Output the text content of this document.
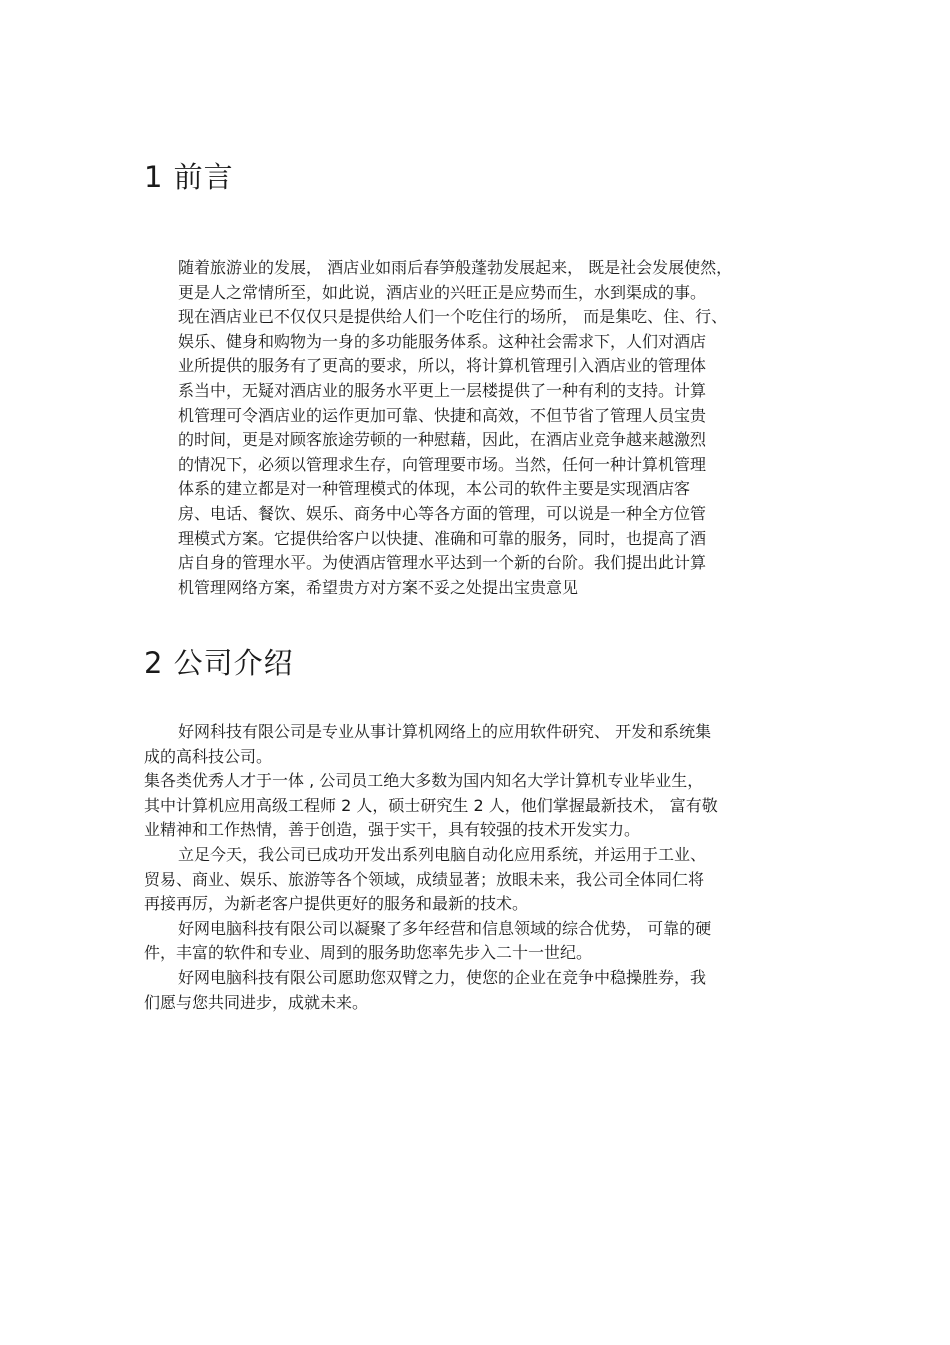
1 前言
随着旅游业的发展， 酒店业如雨后春笋般蓬勃发展起来， 既是社会发展使然，
更是人之常情所至，如此说，酒店业的兴旺正是应势而生，水到渠成的事。
现在酒店业已不仅仅只是提供给人们一个吃住行的场所， 而是集吃、住、行、
娱乐、健身和购物为一身的多功能服务体系。这种社会需求下，人们对酒店
业所提供的服务有了更高的要求，所以，将计算机管理引入酒店业的管理体
系当中，无疑对酒店业的服务水平更上一层楼提供了一种有利的支持。计算
机管理可令酒店业的运作更加可靠、快捷和高效，不但节省了管理人员宝贵
的时间，更是对顾客旅途劳顿的一种慰藉，因此，在酒店业竞争越来越激烈
的情况下，必须以管理求生存，向管理要市场。当然，任何一种计算机管理
体系的建立都是对一种管理模式的体现，本公司的软件主要是实现酒店客
房、电话、餐饮、娱乐、商务中心等各方面的管理，可以说是一种全方位管
理模式方案。它提供给客户以快捷、准确和可靠的服务，同时，也提高了酒
店自身的管理水平。为使酒店管理水平达到一个新的台阶。我们提出此计算
机管理网络方案，希望贵方对方案不妥之处提出宝贵意见
2 公司介绍
好网科技有限公司是专业从事计算机网络上的应用软件研究、 开发和系统集
成的高科技公司。
集各类优秀人才于一体 , 公司员工绝大多数为国内知名大学计算机专业毕业生，
其中计算机应用高级工程师 2 人，硕士研究生 2 人，他们掌握最新技术， 富有敬
业精神和工作热情，善于创造，强于实干，具有较强的技术开发实力。
立足今天，我公司已成功开发出系列电脑自动化应用系统，并运用于工业、
贸易、商业、娱乐、旅游等各个领域，成绩显著；放眼未来，我公司全体同仁将
再接再厉，为新老客户提供更好的服务和最新的技术。
好网电脑科技有限公司以凝聚了多年经营和信息领域的综合优势， 可靠的硬
件，丰富的软件和专业、周到的服务助您率先步入二十一世纪。
好网电脑科技有限公司愿助您双臂之力，使您的企业在竞争中稳操胜券，我
们愿与您共同进步，成就未来。
